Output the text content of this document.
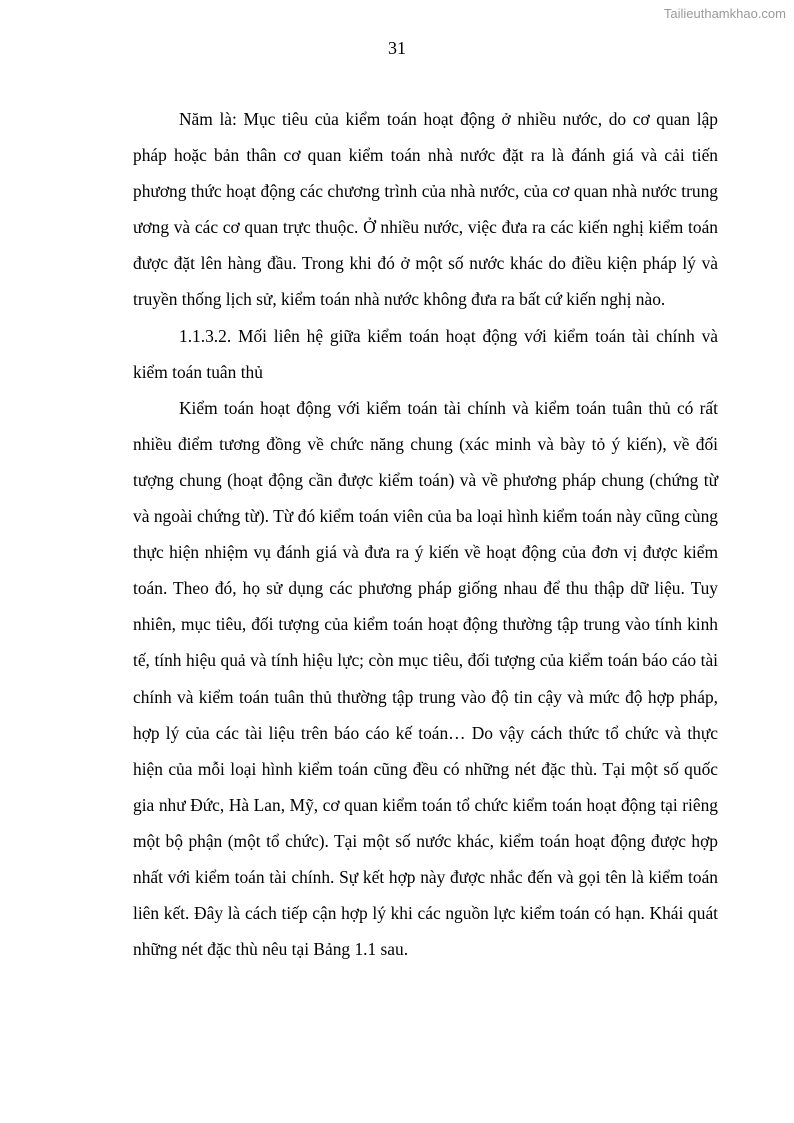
Tailieuthamkhao.com
31

Năm là: Mục tiêu của kiểm toán hoạt động ở nhiều nước, do cơ quan lập pháp hoặc bản thân cơ quan kiểm toán nhà nước đặt ra là đánh giá và cải tiến phương thức hoạt động các chương trình của nhà nước, của cơ quan nhà nước trung ương và các cơ quan trực thuộc. Ở nhiều nước, việc đưa ra các kiến nghị kiểm toán được đặt lên hàng đầu. Trong khi đó ở một số nước khác do điều kiện pháp lý và truyền thống lịch sử, kiểm toán nhà nước không đưa ra bất cứ kiến nghị nào.

1.1.3.2. Mối liên hệ giữa kiểm toán hoạt động với kiểm toán tài chính và kiểm toán tuân thủ

Kiểm toán hoạt động với kiểm toán tài chính và kiểm toán tuân thủ có rất nhiều điểm tương đồng về chức năng chung (xác minh và bày tỏ ý kiến), về đối tượng chung (hoạt động cần được kiểm toán) và về phương pháp chung (chứng từ và ngoài chứng từ). Từ đó kiểm toán viên của ba loại hình kiểm toán này cũng cùng thực hiện nhiệm vụ đánh giá và đưa ra ý kiến về hoạt động của đơn vị được kiểm toán. Theo đó, họ sử dụng các phương pháp giống nhau để thu thập dữ liệu. Tuy nhiên, mục tiêu, đối tượng của kiểm toán hoạt động thường tập trung vào tính kinh tế, tính hiệu quả và tính hiệu lực; còn mục tiêu, đối tượng của kiểm toán báo cáo tài chính và kiểm toán tuân thủ thường tập trung vào độ tin cậy và mức độ hợp pháp, hợp lý của các tài liệu trên báo cáo kế toán… Do vậy cách thức tổ chức và thực hiện của mỗi loại hình kiểm toán cũng đều có những nét đặc thù. Tại một số quốc gia như Đức, Hà Lan, Mỹ, cơ quan kiểm toán tổ chức kiểm toán hoạt động tại riêng một bộ phận (một tổ chức). Tại một số nước khác, kiểm toán hoạt động được hợp nhất với kiểm toán tài chính. Sự kết hợp này được nhắc đến và gọi tên là kiểm toán liên kết. Đây là cách tiếp cận hợp lý khi các nguồn lực kiểm toán có hạn. Khái quát những nét đặc thù nêu tại Bảng 1.1 sau.
